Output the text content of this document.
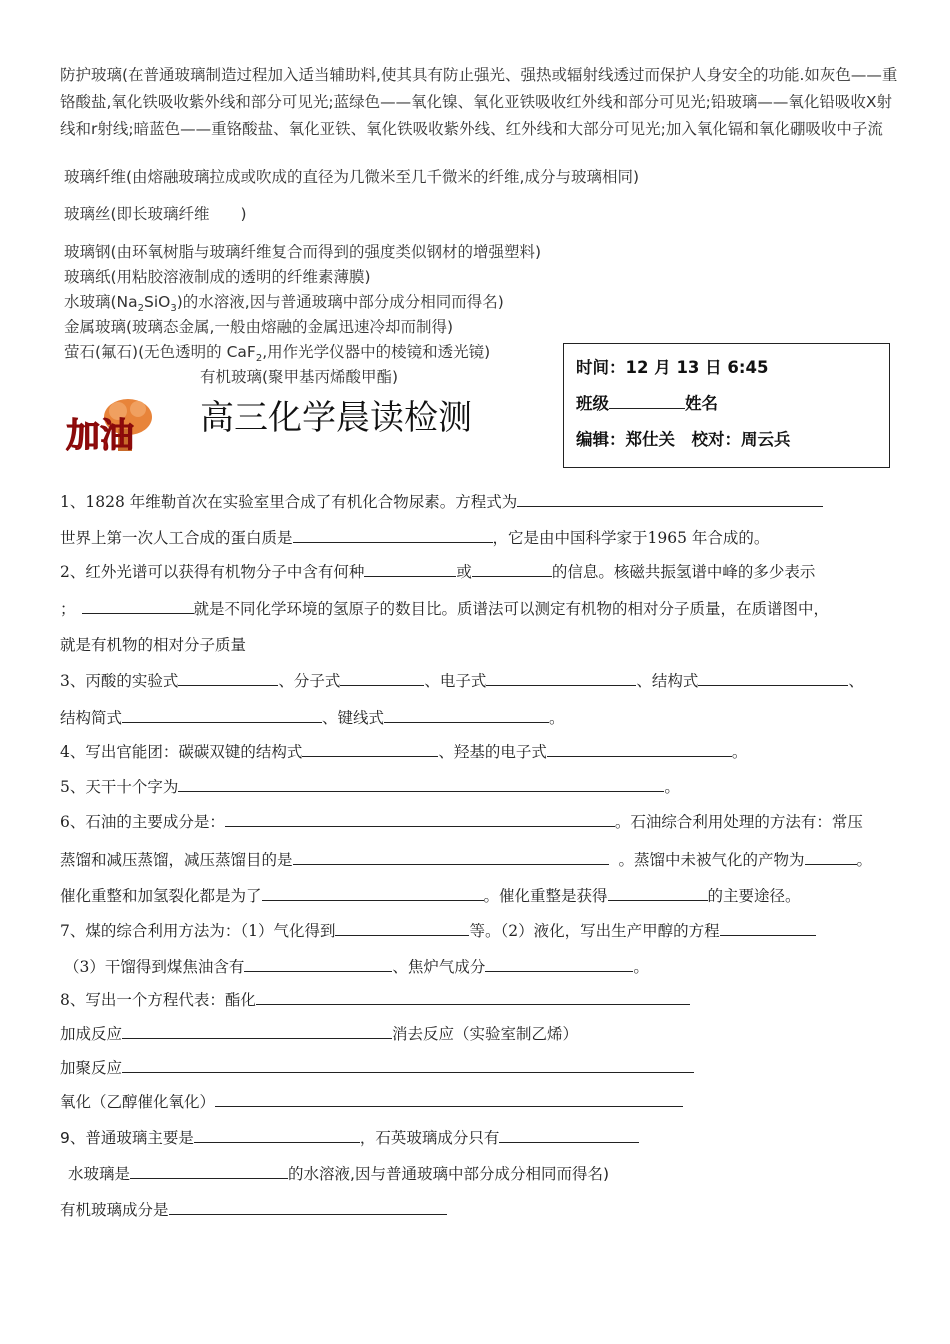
防护玻璃(在普通玻璃制造过程加入适当辅助料,使其具有防止强光、强热或辐射线透过而保护人身安全的功能.如灰色——重铬酸盐,氧化铁吸收紫外线和部分可见光;蓝绿色——氧化镍、氧化亚铁吸收红外线和部分可见光;铅玻璃——氧化铅吸收X射线和r射线;暗蓝色——重铬酸盐、氧化亚铁、氧化铁吸收紫外线、红外线和大部分可见光;加入氧化镉和氧化硼吸收中子流
玻璃纤维(由熔融玻璃拉成或吹成的直径为几微米至几千微米的纤维,成分与玻璃相同)
玻璃丝(即长玻璃纤维　　)
玻璃钢(由环氧树脂与玻璃纤维复合而得到的强度类似钢材的增强塑料)
玻璃纸(用粘胶溶液制成的透明的纤维素薄膜)
水玻璃$(Na_2SiO_3)$的水溶液,因与普通玻璃中部分成分相同而得名)
金属玻璃(玻璃态金属,一般由熔融的金属迅速冷却而制得)
萤石(氟石)(无色透明的 CaF$_2$,用作光学仪器中的棱镜和透光镜)
有机玻璃(聚甲基丙烯酸甲酯)	时间：12 月 13 日 6:45
班级	姓名
编辑：郑仕关　校对：周云兵
加油 高三化学晨读检测
1、1828 年维勒首次在实验室里合成了有机化合物尿素。方程式为
世界上第一次人工合成的蛋白质是	，它是由中国科学家于1965 年合成的。
2、红外光谱可以获得有机物分子中含有何种	或	的信息。核磁共振氢谱中峰的多少表示
；	就是不同化学环境的氢原子的数目比。质谱法可以测定有机物的相对分子质量，在质谱图中，
就是有机物的相对分子质量
3、丙酸的实验式	、分子式	、电子式	、结构式	、
结构简式	、键线式	。
4、写出官能团：碳碳双键的结构式	、羟基的电子式	。
5、天干十个字为	。
6、石油的主要成分是：	。石油综合利用处理的方法有：常压
蒸馏和减压蒸馏，减压蒸馏目的是	。蒸馏中未被气化的产物为	。
催化重整和加氢裂化都是为了	。催化重整是获得	的主要途径。
7、煤的综合利用方法为：（1）气化得到	等。（2）液化，写出生产甲醇的方程
（3）干馏得到煤焦油含有	、焦炉气成分	。
8、写出一个方程代表：酯化
加成反应	消去反应（实验室制乙烯）
加聚反应
氧化（乙醇催化氧化）
9、普通玻璃主要是	，石英玻璃成分只有
水玻璃是	的水溶液,因与普通玻璃中部分成分相同而得名)
有机玻璃成分是
